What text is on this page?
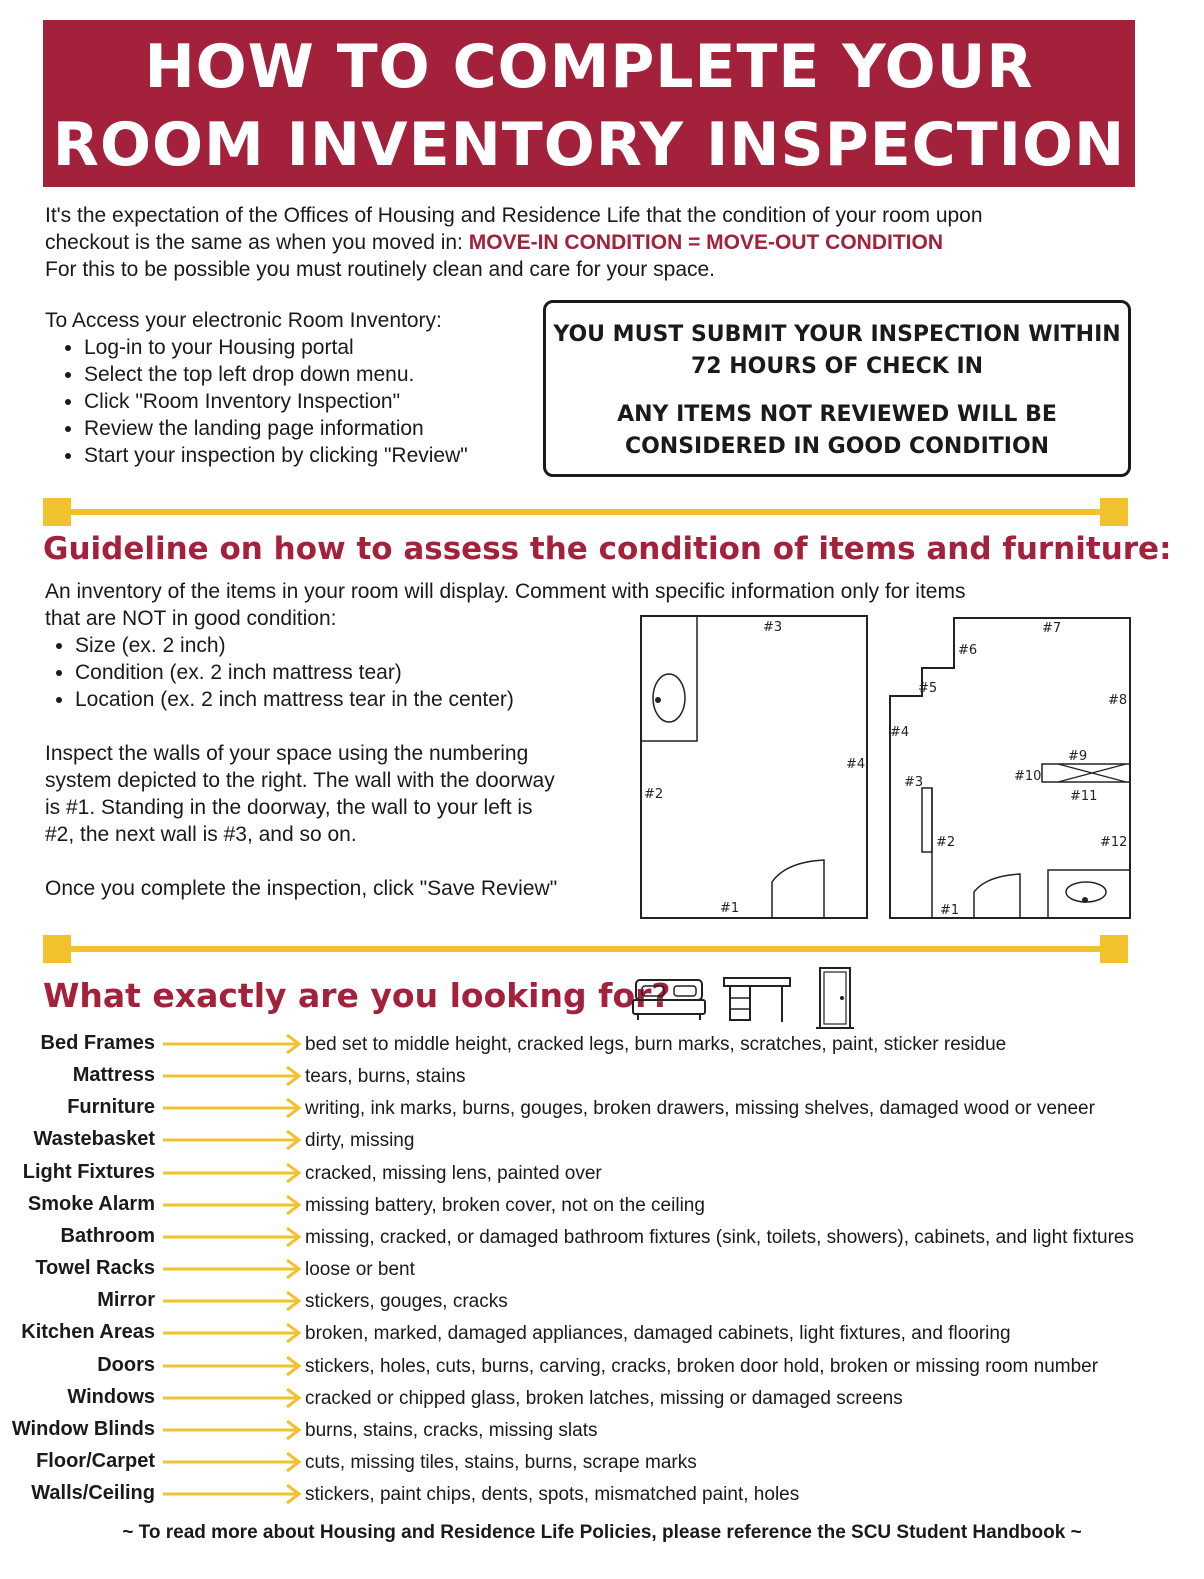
HOW TO COMPLETE YOUR
ROOM INVENTORY INSPECTION
It's the expectation of the Offices of Housing and Residence Life that the condition of your room upon
checkout is the same as when you moved in: MOVE-IN CONDITION = MOVE-OUT CONDITION
For this to be possible you must routinely clean and care for your space.
To Access your electronic Room Inventory:
• Log-in to your Housing portal
• Select the top left drop down menu.
• Click "Room Inventory Inspection"
• Review the landing page information
• Start your inspection by clicking "Review"
YOU MUST SUBMIT YOUR INSPECTION WITHIN
72 HOURS OF CHECK IN
ANY ITEMS NOT REVIEWED WILL BE
CONSIDERED IN GOOD CONDITION
Guideline on how to assess the condition of items and furniture:
An inventory of the items in your room will display. Comment with specific information only for items
that are NOT in good condition:
• Size (ex. 2 inch)
• Condition (ex. 2 inch mattress tear)
• Location (ex. 2 inch mattress tear in the center)
Inspect the walls of your space using the numbering
system depicted to the right. The wall with the doorway
is #1. Standing in the doorway, the wall to your left is
#2, the next wall is #3, and so on.
Once you complete the inspection, click "Save Review"
#3
#2
#4
#1
#7
#6
#5
#4
#8
#9
#10
#11
#3
#2	#12
#1
What exactly are you looking for?
Bed Frames	bed set to middle height, cracked legs, burn marks, scratches, paint, sticker residue
Mattress	tears, burns, stains
Furniture	writing, ink marks, burns, gouges, broken drawers, missing shelves, damaged wood or veneer
Wastebasket	dirty, missing
Light Fixtures	cracked, missing lens, painted over
Smoke Alarm	missing battery, broken cover, not on the ceiling
Bathroom	missing, cracked, or damaged bathroom fixtures (sink, toilets, showers), cabinets, and light fixtures
Towel Racks	loose or bent
Mirror	stickers, gouges, cracks
Kitchen Areas	broken, marked, damaged appliances, damaged cabinets, light fixtures, and flooring
Doors	stickers, holes, cuts, burns, carving, cracks, broken door hold, broken or missing room number
Windows	cracked or chipped glass, broken latches, missing or damaged screens
Window Blinds	burns, stains, cracks, missing slats
Floor/Carpet	cuts, missing tiles, stains, burns, scrape marks
Walls/Ceiling	stickers, paint chips, dents, spots, mismatched paint, holes
~ To read more about Housing and Residence Life Policies, please reference the SCU Student Handbook ~
